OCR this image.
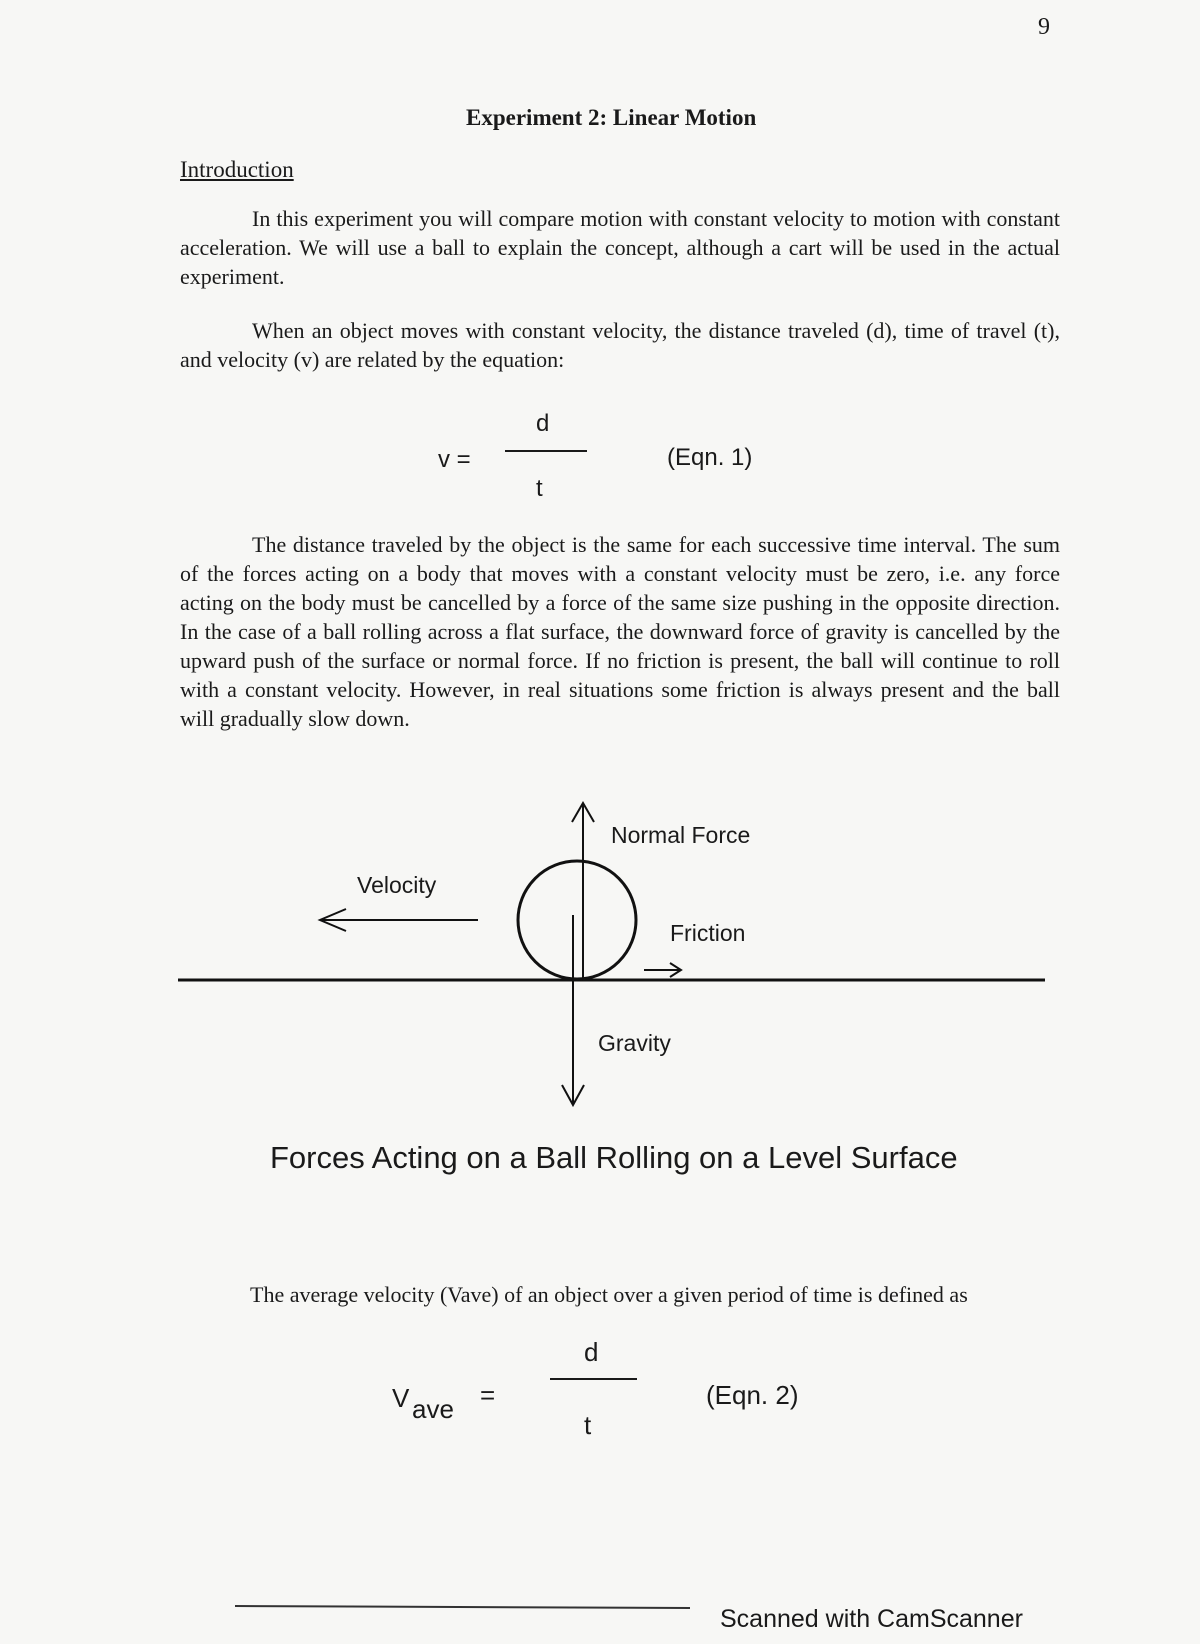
9
Experiment 2: Linear Motion
Introduction
In this experiment you will compare motion with constant velocity to motion with constant acceleration. We will use a ball to explain the concept, although a cart will be used in the actual experiment.
When an object moves with constant velocity, the distance traveled (d), time of travel (t), and velocity (v) are related by the equation:
v =
d
t
(Eqn. 1)
The distance traveled by the object is the same for each successive time interval. The sum of the forces acting on a body that moves with a constant velocity must be zero, i.e. any force acting on the body must be cancelled by a force of the same size pushing in the opposite direction. In the case of a ball rolling across a flat surface, the downward force of gravity is cancelled by the upward push of the surface or normal force. If no friction is present, the ball will continue to roll with a constant velocity. However, in real situations some friction is always present and the ball will gradually slow down.
Normal Force
Velocity
Friction
Gravity
Forces Acting on a Ball Rolling on a Level Surface
The average velocity (Vave) of an object over a given period of time is defined as
V ave =
d
t
(Eqn. 2)
Scanned with CamScanner
